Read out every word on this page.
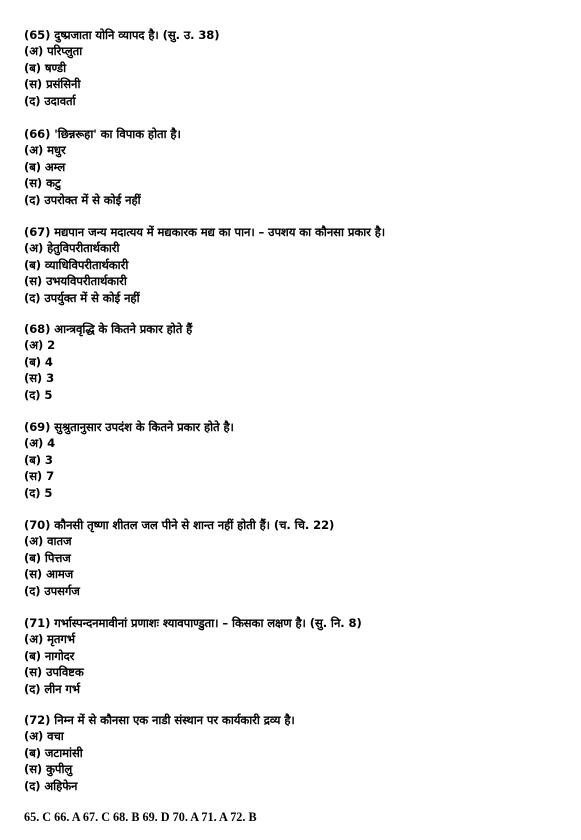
(65) दुष्प्रजाता योनि व्यापद है। (सु. उ. 38)
(अ) परिप्लुता
(ब) षण्डी
(स) प्रसंसिनी
(द) उदावर्ता
(66) 'छिन्नरूहा' का विपाक होता है।
(अ) मधुर
(ब) अम्ल
(स) कटु
(द) उपरोक्त में से कोई नहीं
(67) मद्यपान जन्य मदात्यय में मद्यकारक मद्य का पान। – उपशय का कौनसा प्रकार है।
(अ) हेतुविपरीतार्थकारी
(ब) व्याधिविपरीतार्थकारी
(स) उभयविपरीतार्थकारी
(द) उपर्युक्त में से कोई नहीं
(68) आन्त्रवृद्धि के कितने प्रकार होते हैं
(अ) 2
(ब) 4
(स) 3
(द) 5
(69) सुश्रुतानुसार उपदंश के कितने प्रकार होते है।
(अ) 4
(ब) 3
(स) 7
(द) 5
(70) कौनसी तृष्णा शीतल जल पीने से शान्त नहीं होती हैं। (च. चि. 22)
(अ) वातज
(ब) पित्तज
(स) आमज
(द) उपसर्गज
(71) गर्भास्पन्दनमावीनां प्रणाशः श्यावपाण्डुता। – किसका लक्षण है। (सु. नि. 8)
(अ) मृतगर्भ
(ब) नागोदर
(स) उपविष्टक
(द) लीन गर्भ
(72) निम्न में से कौनसा एक नाडी संस्थान पर कार्यकारी द्रव्य है।
(अ) वचा
(ब) जटामांसी
(स) कुपीलु
(द) अहिफेन
65. C 66. A 67. C 68. B 69. D 70. A 71. A 72. B
